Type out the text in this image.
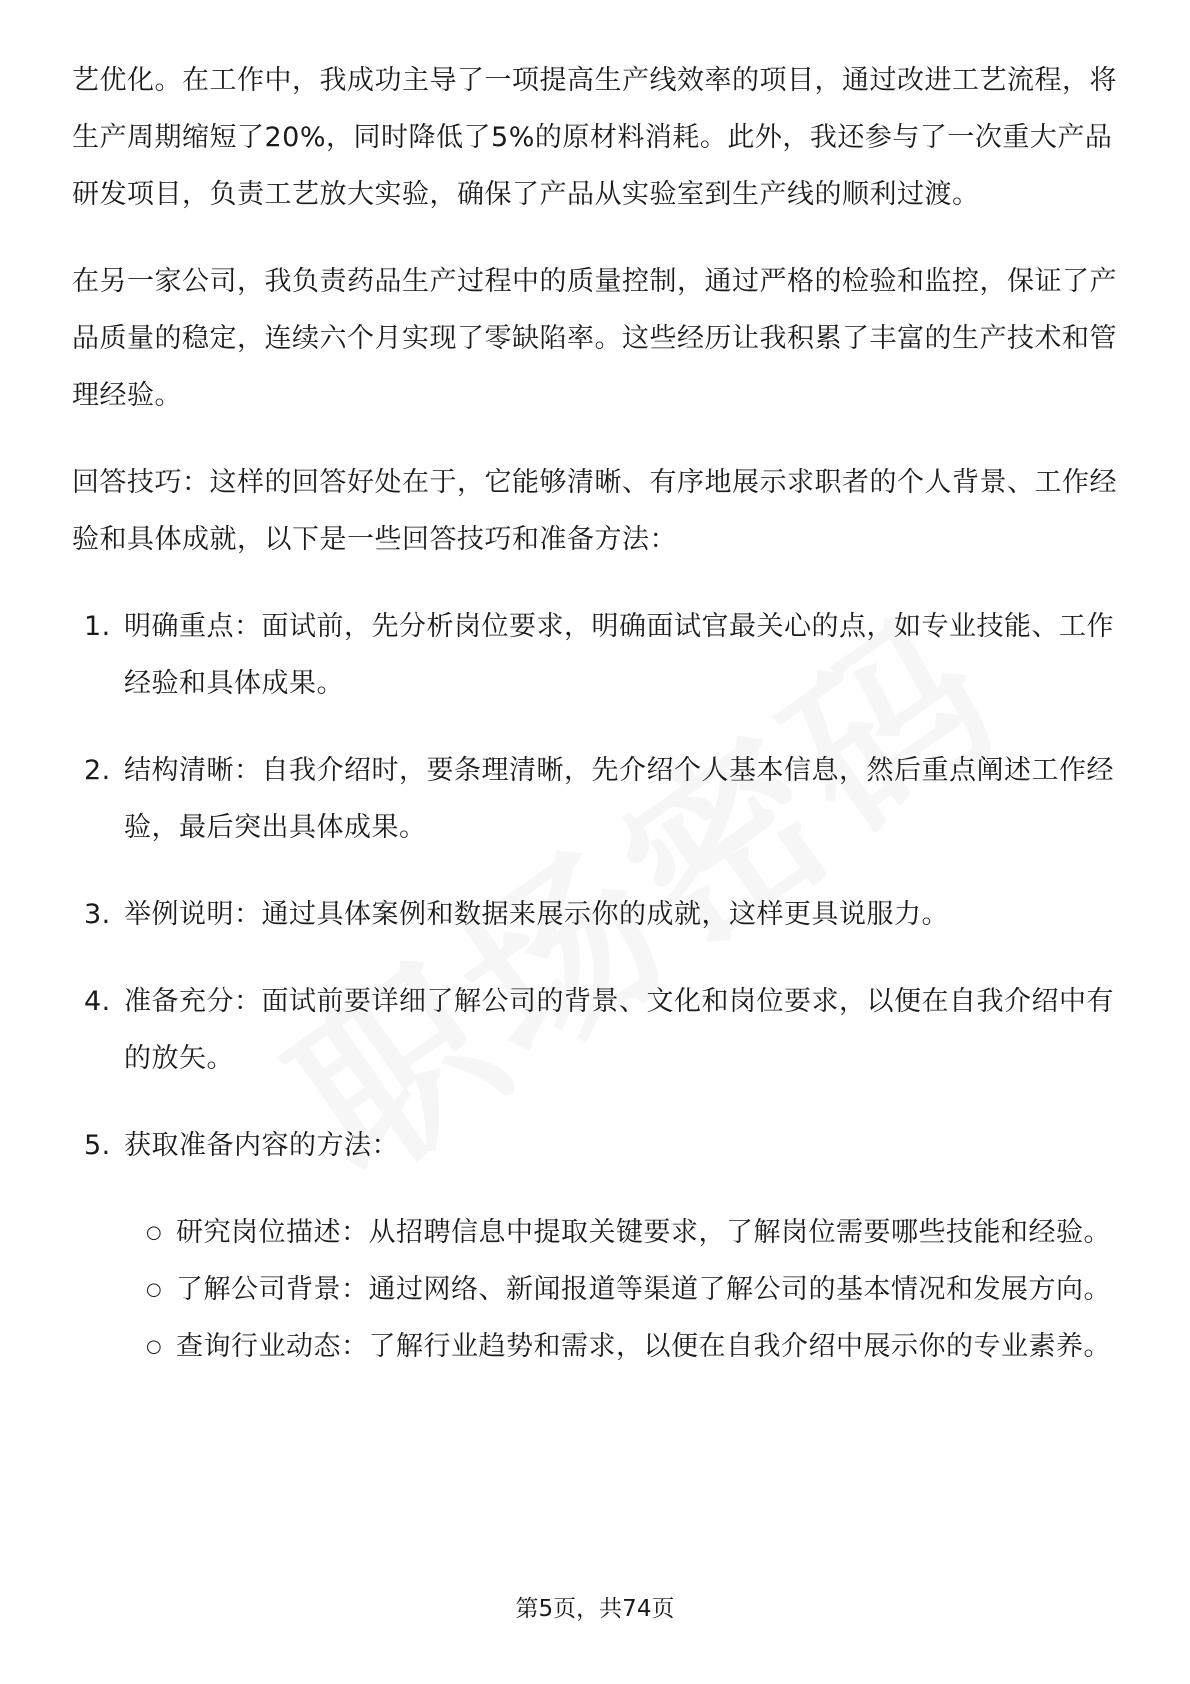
艺优化。在工作中，我成功主导了一项提高生产线效率的项目，通过改进工艺流程，将生产周期缩短了20%，同时降低了5%的原材料消耗。此外，我还参与了一次重大产品研发项目，负责工艺放大实验，确保了产品从实验室到生产线的顺利过渡。

在另一家公司，我负责药品生产过程中的质量控制，通过严格的检验和监控，保证了产品质量的稳定，连续六个月实现了零缺陷率。这些经历让我积累了丰富的生产技术和管理经验。

回答技巧：这样的回答好处在于，它能够清晰、有序地展示求职者的个人背景、工作经验和具体成就，以下是一些回答技巧和准备方法：

1. 明确重点：面试前，先分析岗位要求，明确面试官最关心的点，如专业技能、工作经验和具体成果。
2. 结构清晰：自我介绍时，要条理清晰，先介绍个人基本信息，然后重点阐述工作经验，最后突出具体成果。
3. 举例说明：通过具体案例和数据来展示你的成就，这样更具说服力。
4. 准备充分：面试前要详细了解公司的背景、文化和岗位要求，以便在自我介绍中有的放矢。
5. 获取准备内容的方法：
○ 研究岗位描述：从招聘信息中提取关键要求，了解岗位需要哪些技能和经验。
○ 了解公司背景：通过网络、新闻报道等渠道了解公司的基本情况和发展方向。
○ 查询行业动态：了解行业趋势和需求，以便在自我介绍中展示你的专业素养。
第5页，共74页
